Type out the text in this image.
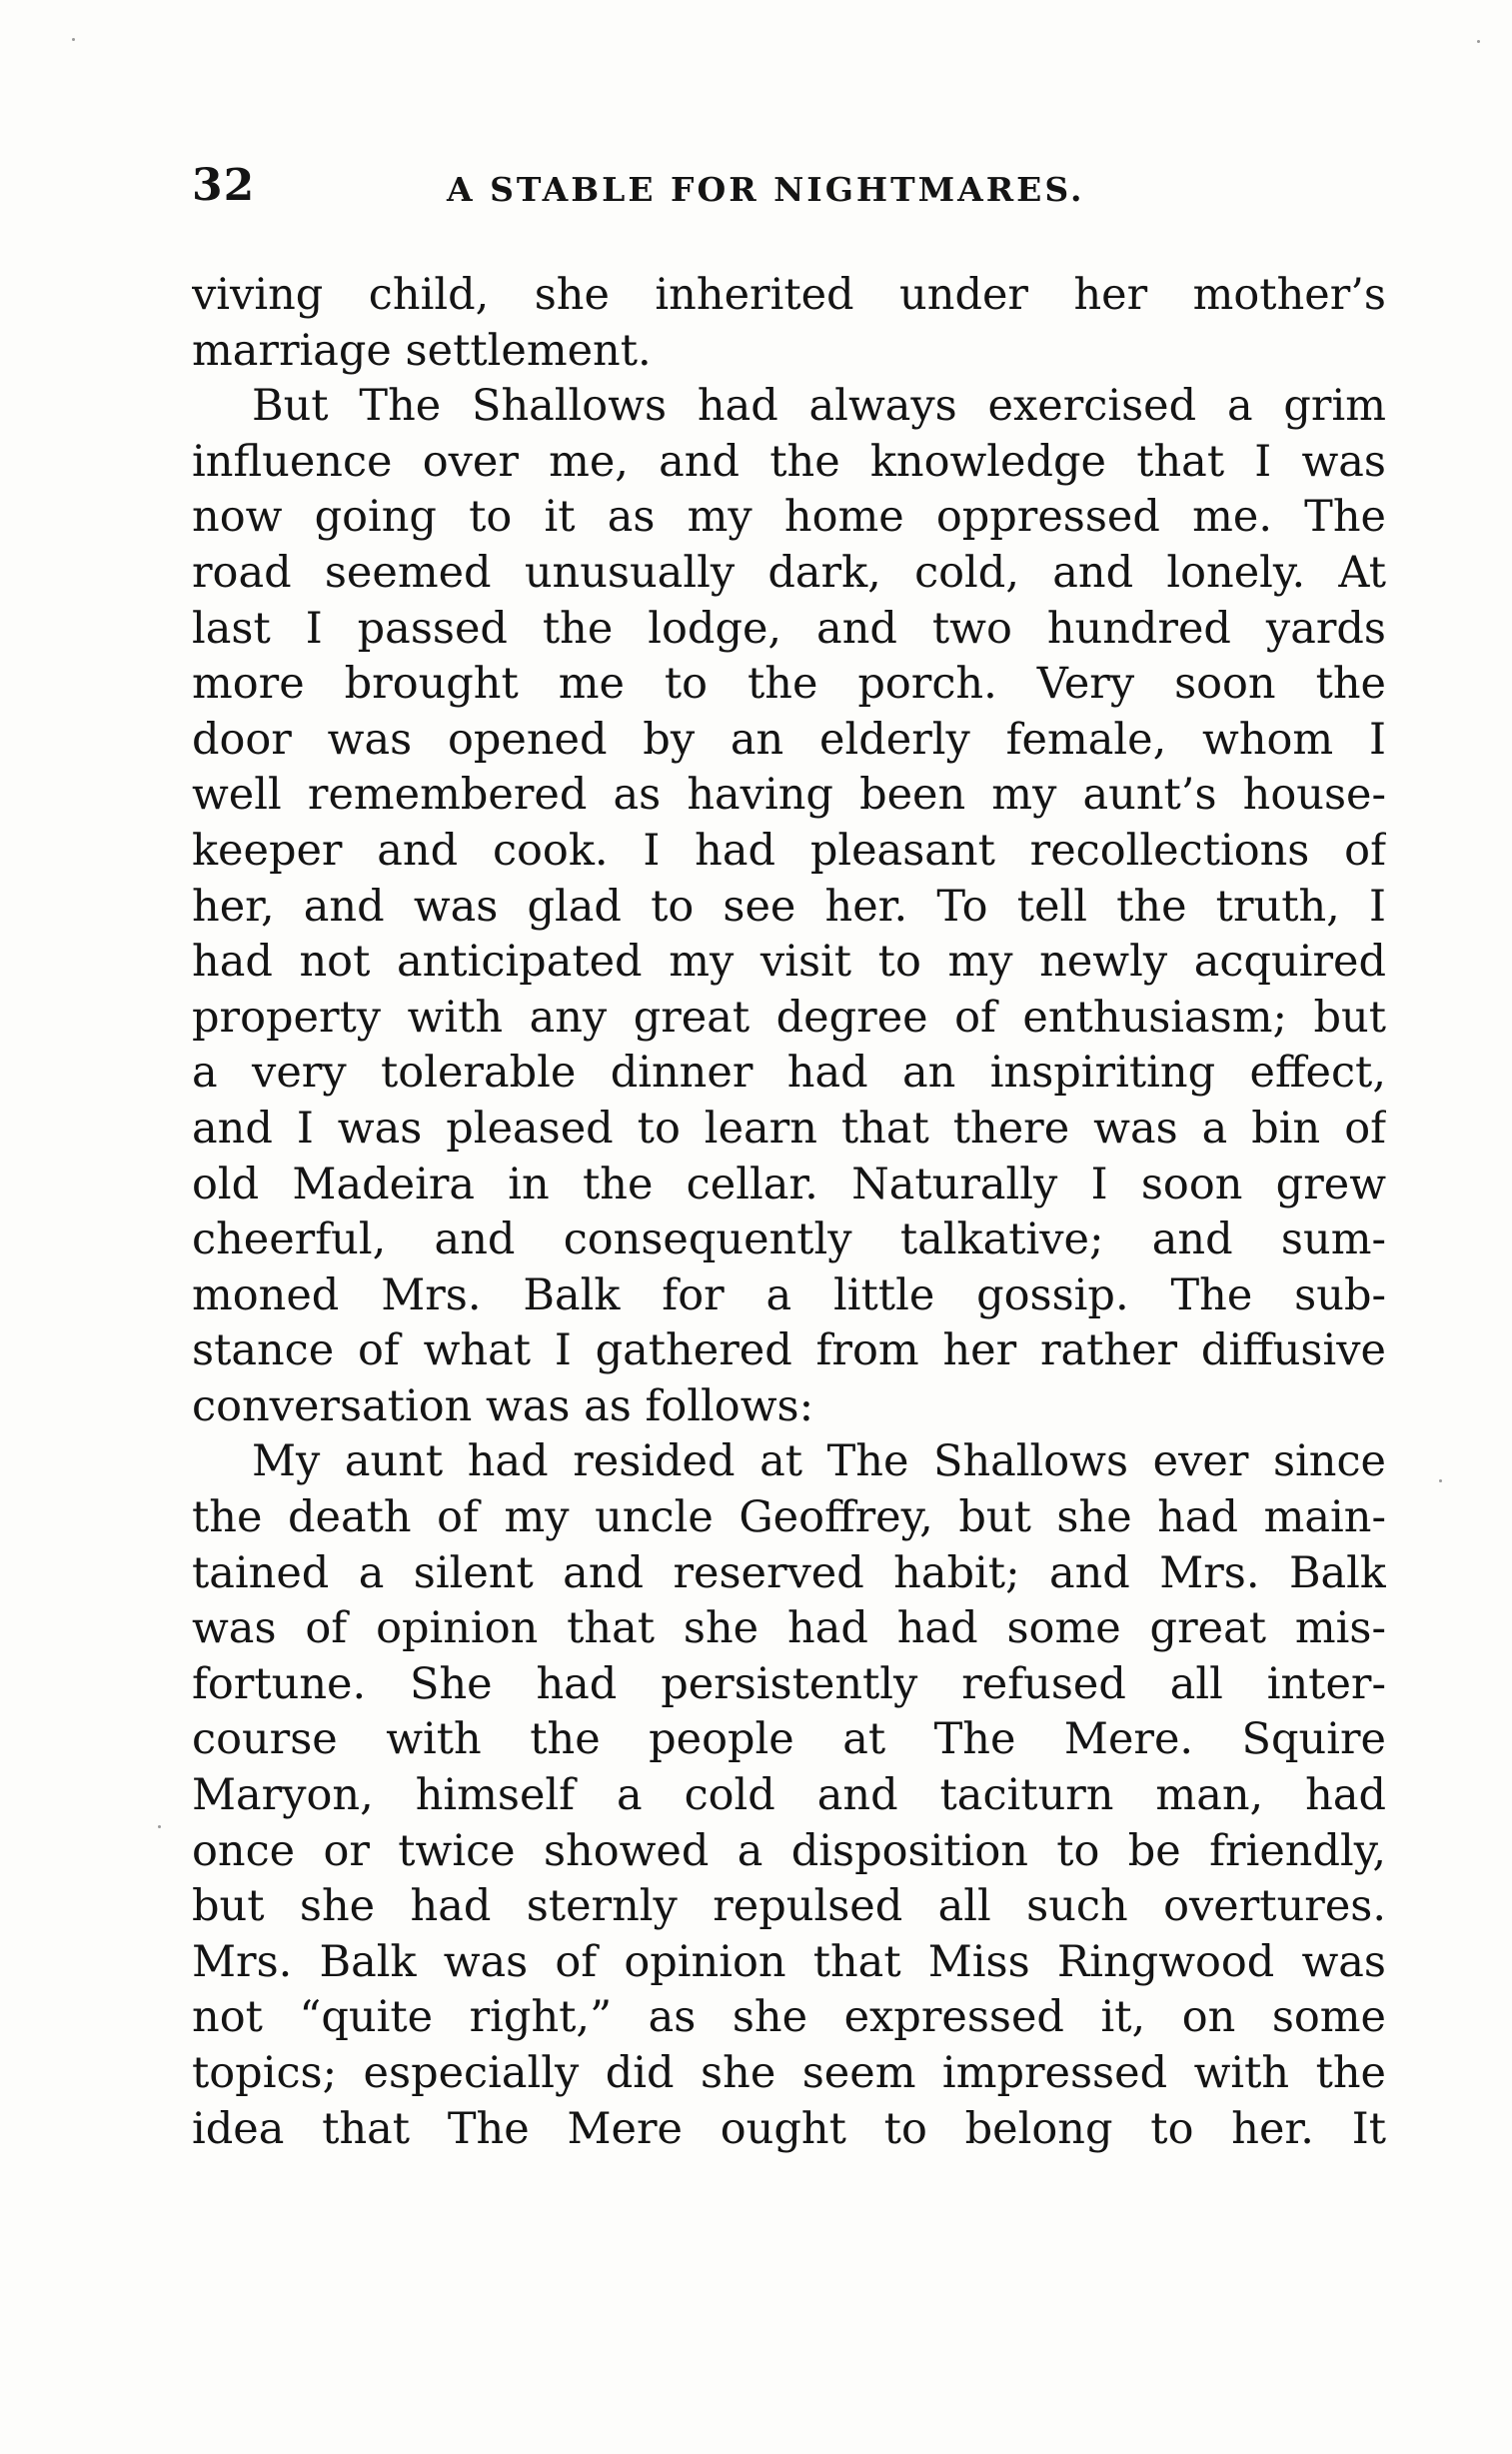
32	A STABLE FOR NIGHTMARES.
viving child, she inherited under her mother’s
marriage settlement.
But The Shallows had always exercised a grim
influence over me, and the knowledge that I was
now going to it as my home oppressed me. The
road seemed unusually dark, cold, and lonely. At
last I passed the lodge, and two hundred yards
more brought me to the porch. Very soon the
door was opened by an elderly female, whom I
well remembered as having been my aunt’s house-
keeper and cook. I had pleasant recollections of
her, and was glad to see her. To tell the truth, I
had not anticipated my visit to my newly acquired
property with any great degree of enthusiasm; but
a very tolerable dinner had an inspiriting effect,
and I was pleased to learn that there was a bin of
old Madeira in the cellar. Naturally I soon grew
cheerful, and consequently talkative; and sum-
moned Mrs. Balk for a little gossip. The sub-
stance of what I gathered from her rather diffusive
conversation was as follows:
My aunt had resided at The Shallows ever since
the death of my uncle Geoffrey, but she had main-
tained a silent and reserved habit; and Mrs. Balk
was of opinion that she had had some great mis-
fortune. She had persistently refused all inter-
course with the people at The Mere. Squire
Maryon, himself a cold and taciturn man, had
once or twice showed a disposition to be friendly,
but she had sternly repulsed all such overtures.
Mrs. Balk was of opinion that Miss Ringwood was
not “quite right,” as she expressed it, on some
topics; especially did she seem impressed with the
idea that The Mere ought to belong to her. It
